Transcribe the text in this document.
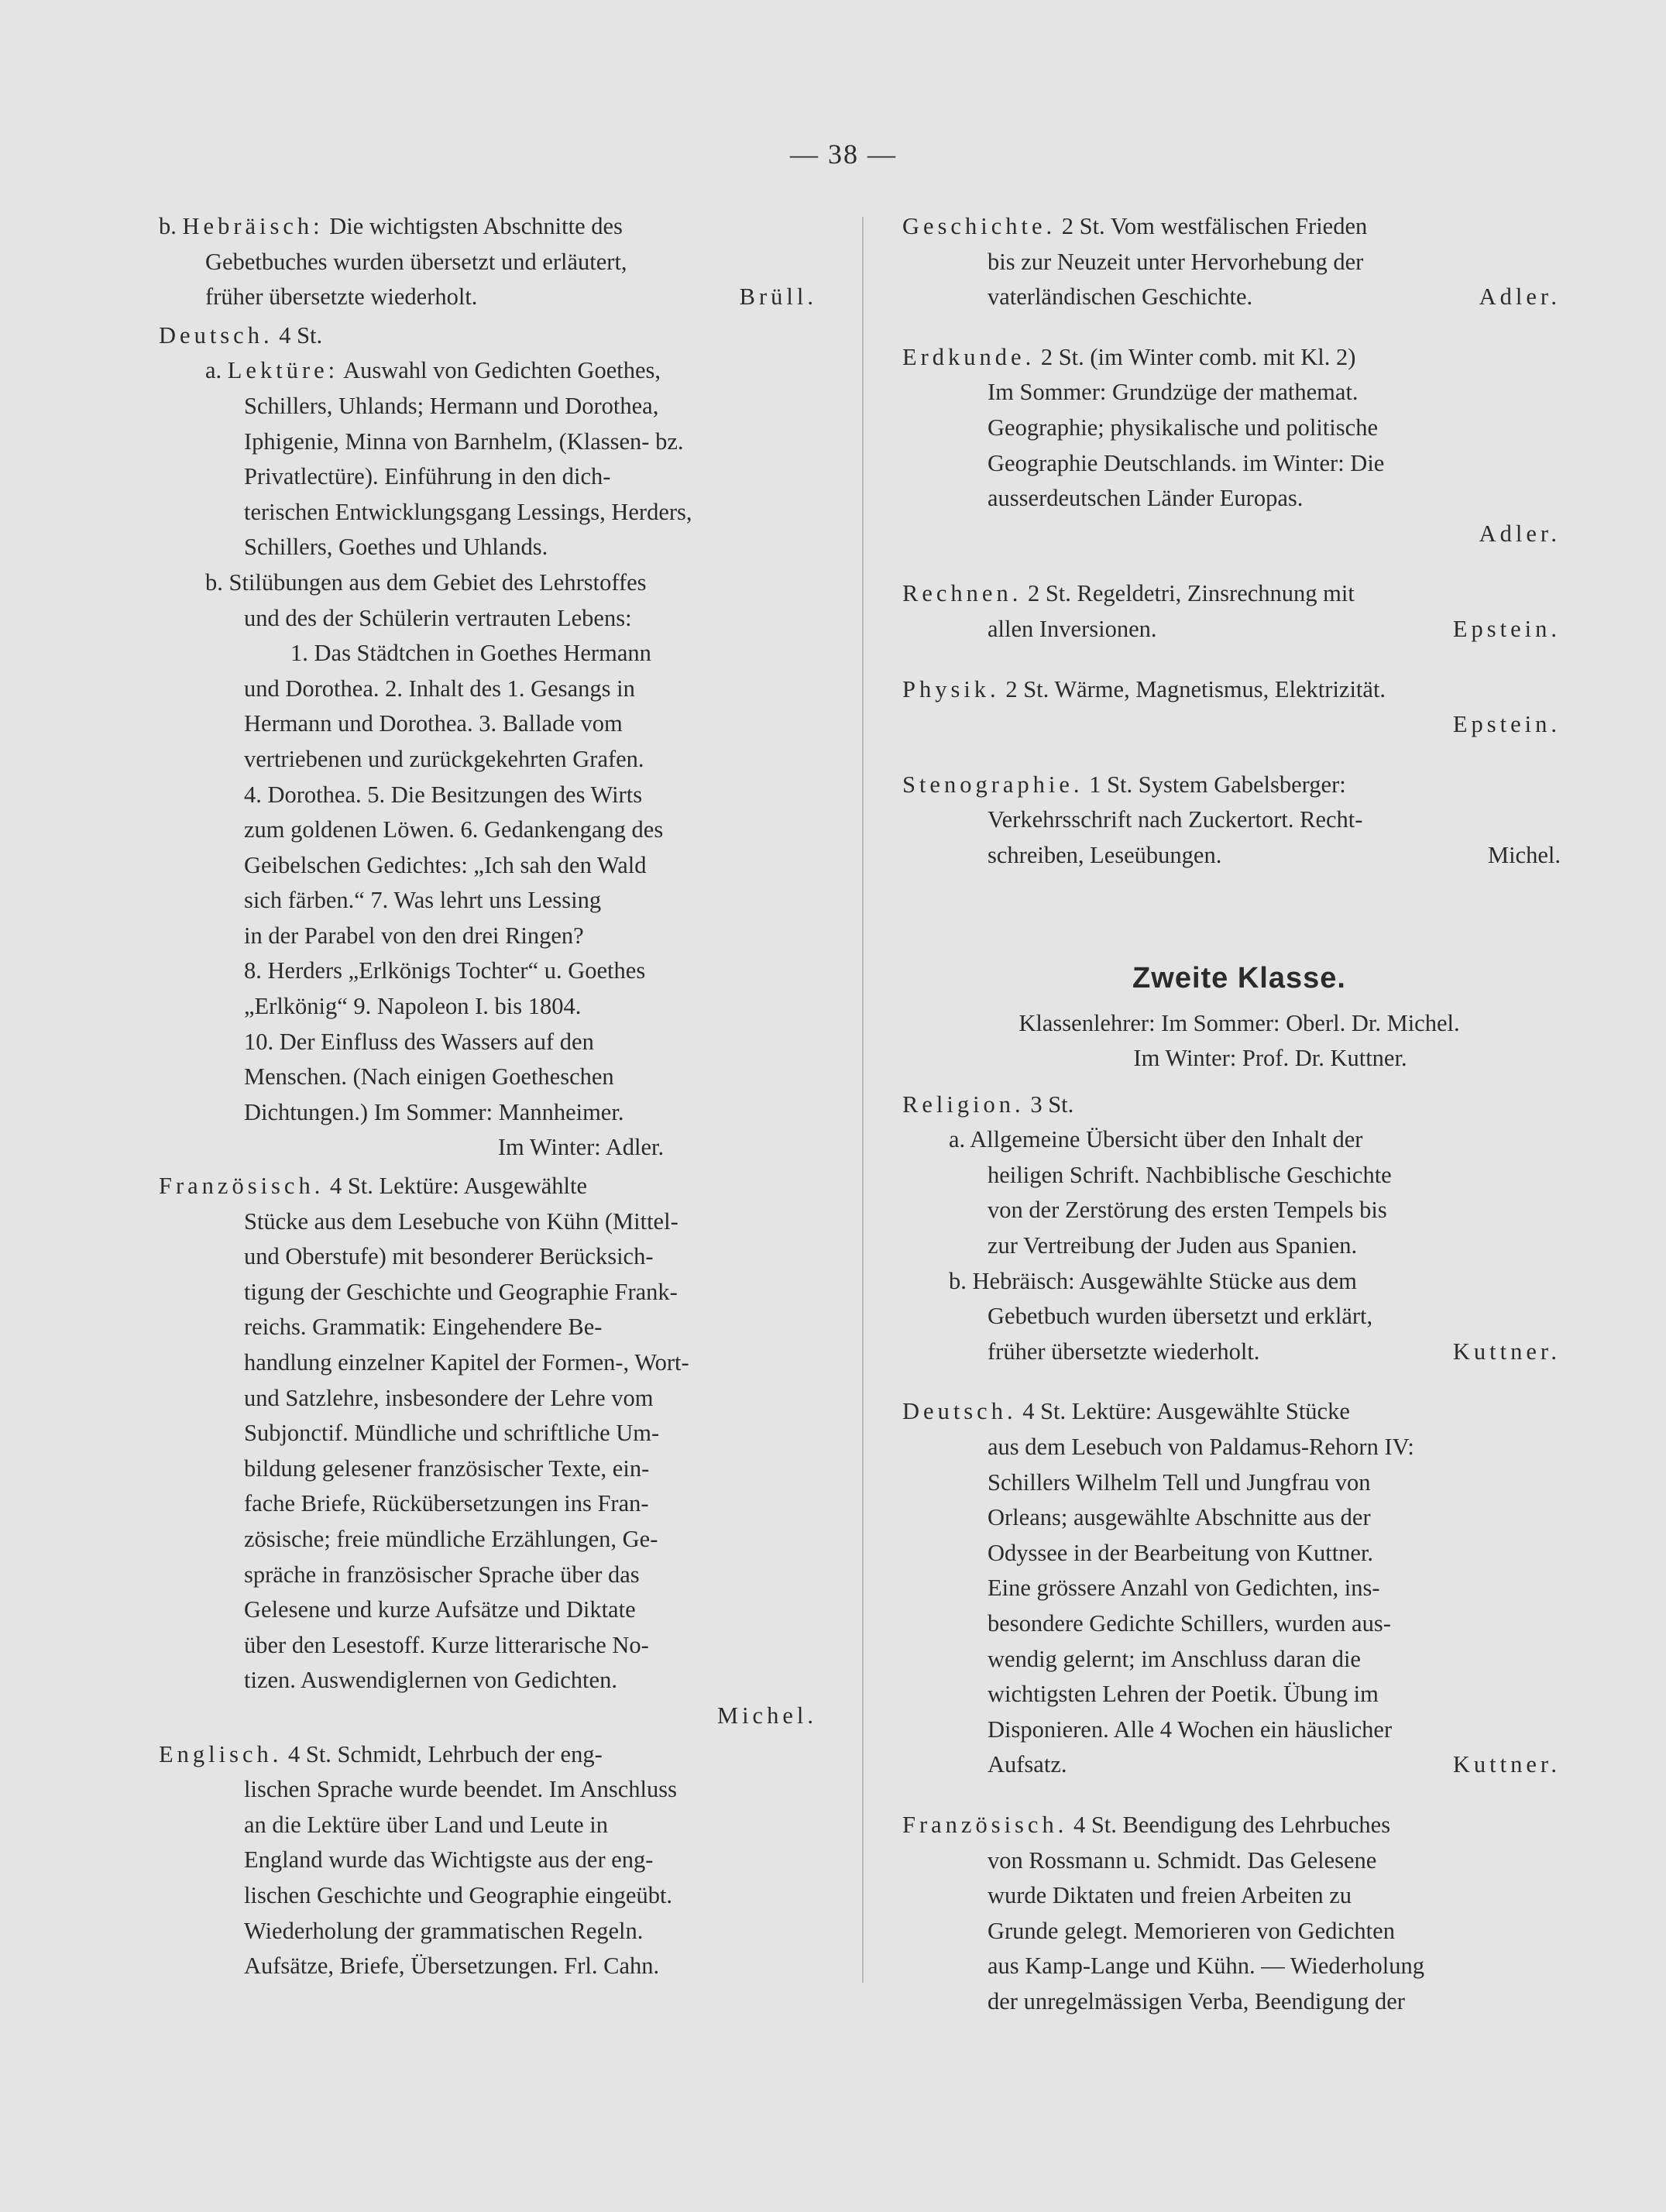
— 38 —

b. Hebräisch: Die wichtigsten Abschnitte des

Gebetbuches wurden übersetzt und erläutert,

früher übersetzte wiederholt.	Brüll.

Deutsch. 4 St.

a. Lektüre: Auswahl von Gedichten Goethes,

Schillers, Uhlands; Hermann und Dorothea,

Iphigenie, Minna von Barnhelm, (Klassen- bz.

Privatlectüre). Einführung in den dich-

terischen Entwicklungsgang Lessings, Herders,

Schillers, Goethes und Uhlands.

b. Stilübungen aus dem Gebiet des Lehrstoffes

und des der Schülerin vertrauten Lebens:

1. Das Städtchen in Goethes Hermann

und Dorothea. 2. Inhalt des 1. Gesangs in

Hermann und Dorothea. 3. Ballade vom

vertriebenen und zurückgekehrten Grafen.

4. Dorothea. 5. Die Besitzungen des Wirts

zum goldenen Löwen. 6. Gedankengang des

Geibelschen Gedichtes: „Ich sah den Wald

sich färben.“ 7. Was lehrt uns Lessing

in der Parabel von den drei Ringen?

8. Herders „Erlkönigs Tochter“ u. Goethes

„Erlkönig“ 9. Napoleon I. bis 1804.

10. Der Einfluss des Wassers auf den

Menschen. (Nach einigen Goetheschen

Dichtungen.) Im Sommer: Mannheimer.

Im Winter: Adler.

Französisch. 4 St. Lektüre: Ausgewählte

Stücke aus dem Lesebuche von Kühn (Mittel-

und Oberstufe) mit besonderer Berücksich-

tigung der Geschichte und Geographie Frank-

reichs. Grammatik: Eingehendere Be-

handlung einzelner Kapitel der Formen-, Wort-

und Satzlehre, insbesondere der Lehre vom

Subjonctif. Mündliche und schriftliche Um-

bildung gelesener französischer Texte, ein-

fache Briefe, Rückübersetzungen ins Fran-

zösische; freie mündliche Erzählungen, Ge-

spräche in französischer Sprache über das

Gelesene und kurze Aufsätze und Diktate

über den Lesestoff. Kurze litterarische No-

tizen. Auswendiglernen von Gedichten.

Michel.

Englisch. 4 St. Schmidt, Lehrbuch der eng-

lischen Sprache wurde beendet. Im Anschluss

an die Lektüre über Land und Leute in

England wurde das Wichtigste aus der eng-

lischen Geschichte und Geographie eingeübt.

Wiederholung der grammatischen Regeln.

Aufsätze, Briefe, Übersetzungen. Frl. Cahn.

Geschichte. 2 St. Vom westfälischen Frieden

bis zur Neuzeit unter Hervorhebung der

vaterländischen Geschichte.	Adler.

Erdkunde. 2 St. (im Winter comb. mit Kl. 2)

Im Sommer: Grundzüge der mathemat.

Geographie; physikalische und politische

Geographie Deutschlands. im Winter: Die

ausserdeutschen Länder Europas.

Adler.

Rechnen. 2 St. Regeldetri, Zinsrechnung mit

allen Inversionen.	Epstein.

Physik. 2 St. Wärme, Magnetismus, Elektrizität.

Epstein.

Stenographie. 1 St. System Gabelsberger:

Verkehrsschrift nach Zuckertort. Recht-

schreiben, Leseübungen.	Michel.

Zweite Klasse.

Klassenlehrer: Im Sommer: Oberl. Dr. Michel.

Im Winter: Prof. Dr. Kuttner.

Religion. 3 St.

a. Allgemeine Übersicht über den Inhalt der

heiligen Schrift. Nachbiblische Geschichte

von der Zerstörung des ersten Tempels bis

zur Vertreibung der Juden aus Spanien.

b. Hebräisch: Ausgewählte Stücke aus dem

Gebetbuch wurden übersetzt und erklärt,

früher übersetzte wiederholt.	Kuttner.

Deutsch. 4 St. Lektüre: Ausgewählte Stücke

aus dem Lesebuch von Paldamus-Rehorn IV:

Schillers Wilhelm Tell und Jungfrau von

Orleans; ausgewählte Abschnitte aus der

Odyssee in der Bearbeitung von Kuttner.

Eine grössere Anzahl von Gedichten, ins-

besondere Gedichte Schillers, wurden aus-

wendig gelernt; im Anschluss daran die

wichtigsten Lehren der Poetik. Übung im

Disponieren. Alle 4 Wochen ein häuslicher

Aufsatz.	Kuttner.

Französisch. 4 St. Beendigung des Lehrbuches

von Rossmann u. Schmidt. Das Gelesene

wurde Diktaten und freien Arbeiten zu

Grunde gelegt. Memorieren von Gedichten

aus Kamp-Lange und Kühn. — Wiederholung

der unregelmässigen Verba, Beendigung der
